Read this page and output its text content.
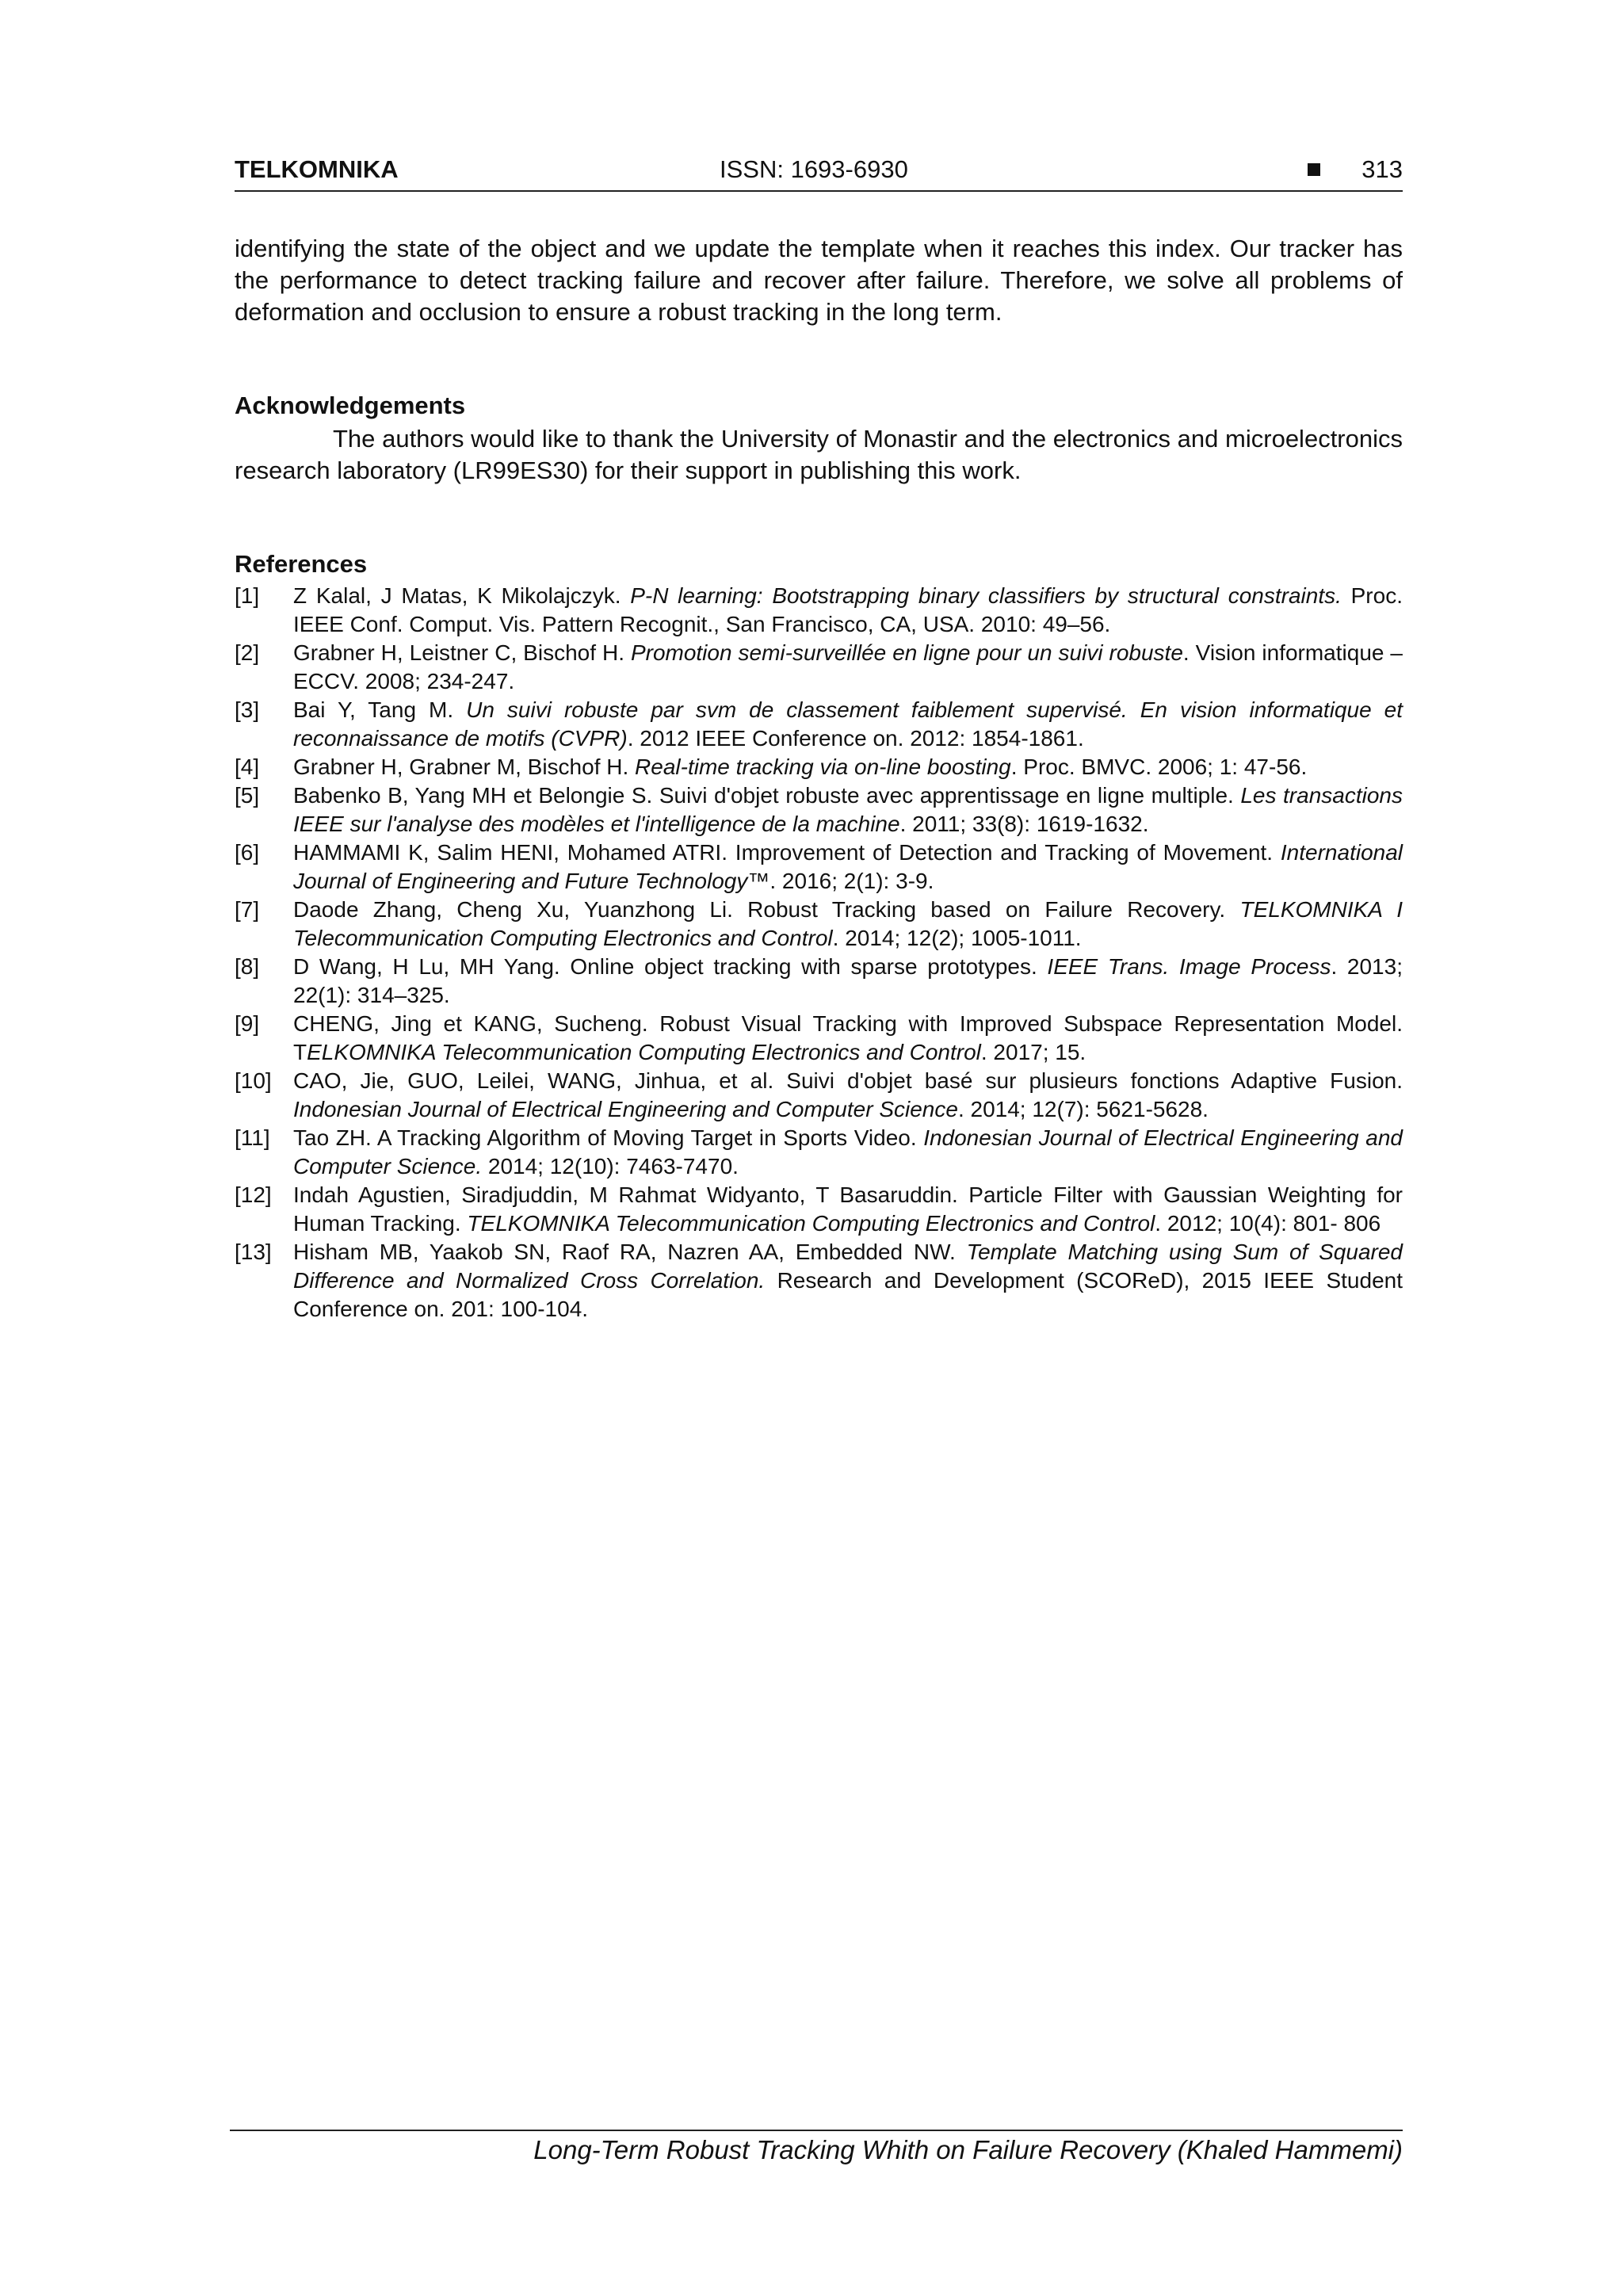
TELKOMNIKA	ISSN: 1693-6930	313
identifying the state of the object and we update the template when it reaches this index. Our tracker has the performance to detect tracking failure and recover after failure. Therefore, we solve all problems of deformation and occlusion to ensure a robust tracking in the long term.
Acknowledgements
The authors would like to thank the University of Monastir and the electronics and microelectronics research laboratory (LR99ES30) for their support in publishing this work.
References
[1]	Z Kalal, J Matas, K Mikolajczyk. P-N learning: Bootstrapping binary classifiers by structural constraints. Proc. IEEE Conf. Comput. Vis. Pattern Recognit., San Francisco, CA, USA. 2010: 49–56.
[2]	Grabner H, Leistner C, Bischof H. Promotion semi-surveillée en ligne pour un suivi robuste. Vision informatique – ECCV. 2008; 234-247.
[3]	Bai Y, Tang M. Un suivi robuste par svm de classement faiblement supervisé. En vision informatique et reconnaissance de motifs (CVPR). 2012 IEEE Conference on. 2012: 1854-1861.
[4]	Grabner H, Grabner M, Bischof H. Real-time tracking via on-line boosting. Proc. BMVC. 2006; 1: 47-56.
[5]	Babenko B, Yang MH et Belongie S. Suivi d'objet robuste avec apprentissage en ligne multiple. Les transactions IEEE sur l'analyse des modèles et l'intelligence de la machine. 2011; 33(8): 1619-1632.
[6]	HAMMAMI K, Salim HENI, Mohamed ATRI. Improvement of Detection and Tracking of Movement. International Journal of Engineering and Future Technology™. 2016; 2(1): 3-9.
[7]	Daode Zhang, Cheng Xu, Yuanzhong Li. Robust Tracking based on Failure Recovery. TELKOMNIKA I Telecommunication Computing Electronics and Control. 2014; 12(2); 1005-1011.
[8]	D Wang, H Lu, MH Yang. Online object tracking with sparse prototypes. IEEE Trans. Image Process. 2013; 22(1): 314–325.
[9]	CHENG, Jing et KANG, Sucheng. Robust Visual Tracking with Improved Subspace Representation Model. TELKOMNIKA Telecommunication Computing Electronics and Control. 2017; 15.
[10] CAO, Jie, GUO, Leilei, WANG, Jinhua, et al. Suivi d'objet basé sur plusieurs fonctions Adaptive Fusion. Indonesian Journal of Electrical Engineering and Computer Science. 2014; 12(7): 5621-5628.
[11]	Tao ZH. A Tracking Algorithm of Moving Target in Sports Video. Indonesian Journal of Electrical Engineering and Computer Science. 2014; 12(10): 7463-7470.
[12] Indah Agustien, Siradjuddin, M Rahmat Widyanto, T Basaruddin. Particle Filter with Gaussian Weighting for Human Tracking. TELKOMNIKA Telecommunication Computing Electronics and Control. 2012; 10(4): 801- 806
[13] Hisham MB, Yaakob SN, Raof RA, Nazren AA, Embedded NW. Template Matching using Sum of Squared Difference and Normalized Cross Correlation. Research and Development (SCOReD), 2015 IEEE Student Conference on. 201: 100-104.
Long-Term Robust Tracking Whith on Failure Recovery (Khaled Hammemi)
